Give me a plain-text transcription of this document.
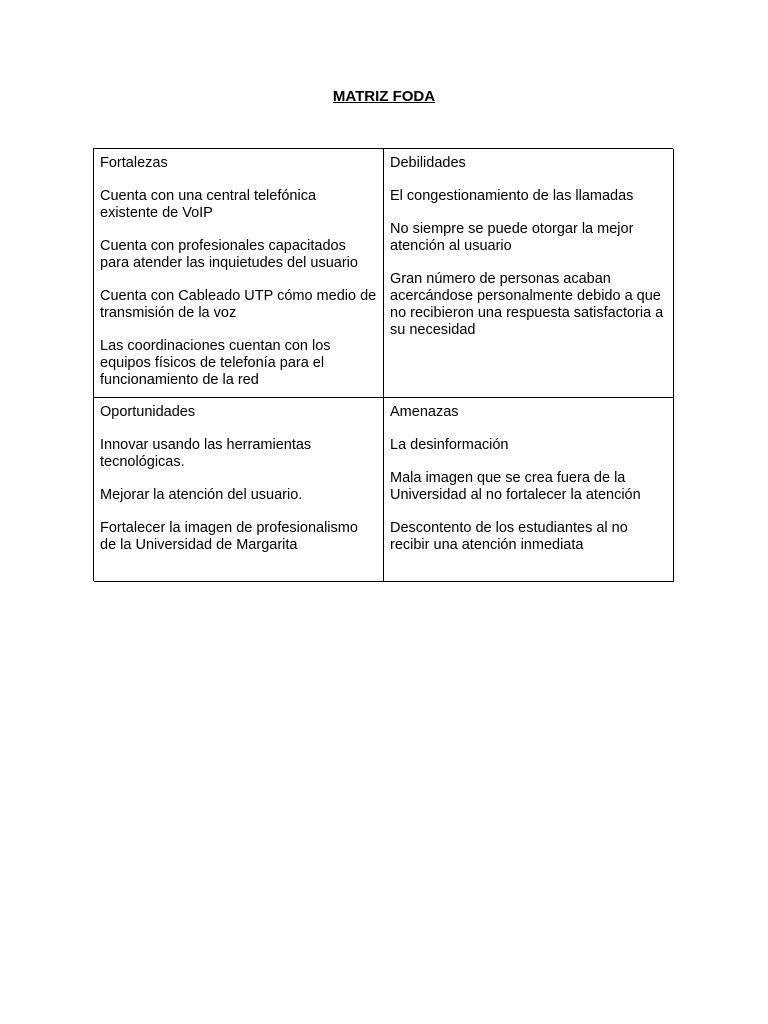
MATRIZ FODA
Fortalezas
Cuenta con una central telefónica existente de VoIP
Cuenta con profesionales capacitados para atender las inquietudes del usuario
Cuenta con Cableado UTP cómo medio de transmisión de la voz
Las coordinaciones cuentan con los equipos físicos de telefonía para el funcionamiento de la red
Debilidades
El congestionamiento de las llamadas
No siempre se puede otorgar la mejor atención al usuario
Gran número de personas acaban acercándose personalmente debido a que no recibieron una respuesta satisfactoria a su necesidad
Oportunidades
Innovar usando las herramientas tecnológicas.
Mejorar la atención del usuario.
Fortalecer la imagen de profesionalismo de la Universidad de Margarita
Amenazas
La desinformación
Mala imagen que se crea fuera de la Universidad al no fortalecer la atención
Descontento de los estudiantes al no recibir una atención inmediata
